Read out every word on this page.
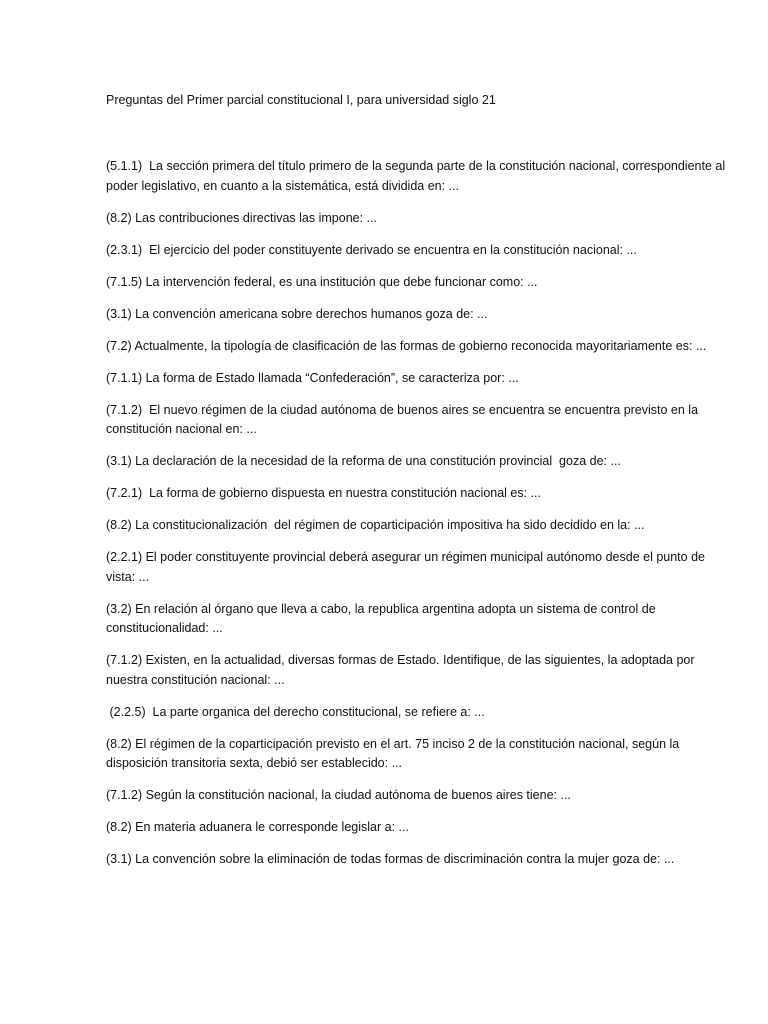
Preguntas del Primer parcial constitucional I, para universidad siglo 21

(5.1.1)  La sección primera del título primero de la segunda parte de la constitución nacional, correspondiente al poder legislativo, en cuanto a la sistemática, está dividida en: ...
(8.2) Las contribuciones directivas las impone: ...
(2.3.1)  El ejercicio del poder constituyente derivado se encuentra en la constitución nacional: ...
(7.1.5) La intervención federal, es una institución que debe funcionar como: ...
(3.1) La convención americana sobre derechos humanos goza de: ...
(7.2) Actualmente, la tipología de clasificación de las formas de gobierno reconocida mayoritariamente es: ...
(7.1.1) La forma de Estado llamada “Confederación”, se caracteriza por: ...
(7.1.2)  El nuevo régimen de la ciudad autónoma de buenos aires se encuentra se encuentra previsto en la constitución nacional en: ...
(3.1) La declaración de la necesidad de la reforma de una constitución provincial  goza de: ...
(7.2.1)  La forma de gobierno dispuesta en nuestra constitución nacional es: ...
(8.2) La constitucionalización  del régimen de coparticipación impositiva ha sido decidido en la: ...
(2.2.1) El poder constituyente provincial deberá asegurar un régimen municipal autónomo desde el punto de vista: ...
(3.2) En relación al órgano que lleva a cabo, la republica argentina adopta un sistema de control de constitucionalidad: ...
(7.1.2) Existen, en la actualidad, diversas formas de Estado. Identifique, de las siguientes, la adoptada por nuestra constitución nacional: ...
(2.2.5)  La parte organica del derecho constitucional, se refiere a: ...
(8.2) El régimen de la coparticipación previsto en el art. 75 inciso 2 de la constitución nacional, según la disposición transitoria sexta, debió ser establecido: ...
(7.1.2) Según la constitución nacional, la ciudad autónoma de buenos aires tiene: ...
(8.2) En materia aduanera le corresponde legislar a: ...
(3.1) La convención sobre la eliminación de todas formas de discriminación contra la mujer goza de: ...
